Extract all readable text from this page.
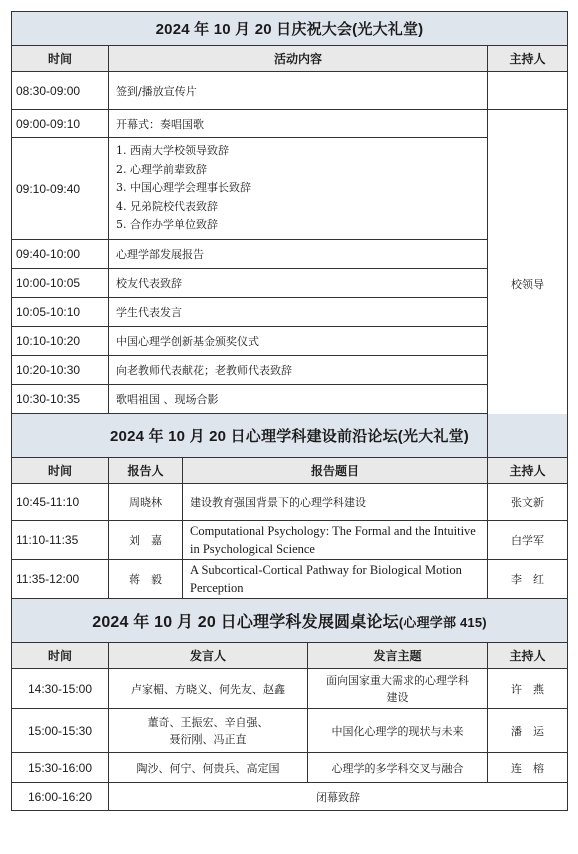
2024 年 10 月 20 日庆祝大会(光大礼堂)		
时间	活动内容	主持人
08:30-09:00	签到/播放宣传片	
09:00-09:10	开幕式：奏唱国歌	校领导
09:10-09:40	1. 西南大学校领导致辞
2. 心理学前辈致辞
3. 中国心理学会理事长致辞
4. 兄弟院校代表致辞
5. 合作办学单位致辞	

09:40-10:00	心理学部发展报告	
10:00-10:05	校友代表致辞	
10:05-10:10	学生代表发言	
10:10-10:20	中国心理学创新基金颁奖仪式	
10:20-10:30	向老教师代表献花；老教师代表致辞	
10:30-10:35	歌唱祖国 、现场合影	
2024 年 10 月 20 日心理学科建设前沿论坛(光大礼堂)		
时间	报告人	报告题目	主持人
10:45-11:10	周晓林	建设教育强国背景下的心理学科建设	张文新
11:10-11:35	刘　嘉	Computational Psychology: The Formal and the Intuitive in Psychological Science	白学军
11:35-12:00	蒋　毅	A Subcortical-Cortical Pathway for Biological Motion Perception	李　红
2024 年 10 月 20 日心理学科发展圆桌论坛(心理学部 415)			
时间	发言人	发言主题	主持人
14:30-15:00	卢家楣、方晓义、何先友、赵鑫	面向国家重大需求的心理学科建设	许　燕
15:00-15:30	董奇、王振宏、辛自强、聂衍刚、冯正直	中国化心理学的现状与未来	潘　运
15:30-16:00	陶沙、何宁、何贵兵、高定国	心理学的多学科交叉与融合	连　榕
16:00-16:20	闭幕致辞		
